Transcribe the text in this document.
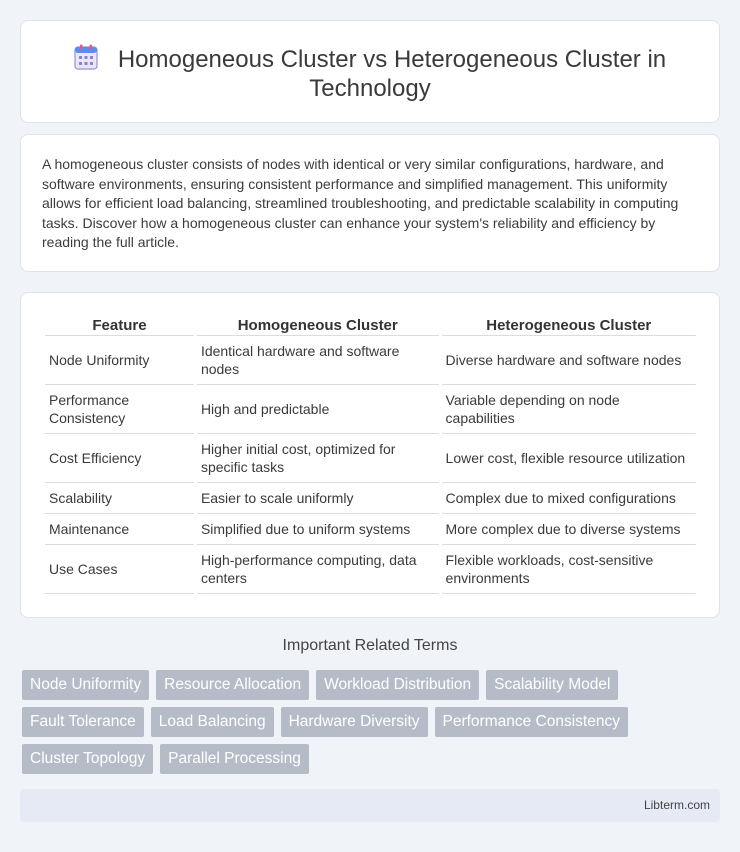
Homogeneous Cluster vs Heterogeneous Cluster in Technology

A homogeneous cluster consists of nodes with identical or very similar configurations, hardware, and software environments, ensuring consistent performance and simplified management. This uniformity allows for efficient load balancing, streamlined troubleshooting, and predictable scalability in computing tasks. Discover how a homogeneous cluster can enhance your system's reliability and efficiency by reading the full article.

Feature	Homogeneous Cluster	Heterogeneous Cluster
Node Uniformity	Identical hardware and software nodes	Diverse hardware and software nodes
Performance Consistency	High and predictable	Variable depending on node capabilities
Cost Efficiency	Higher initial cost, optimized for specific tasks	Lower cost, flexible resource utilization
Scalability	Easier to scale uniformly	Complex due to mixed configurations
Maintenance	Simplified due to uniform systems	More complex due to diverse systems
Use Cases	High-performance computing, data centers	Flexible workloads, cost-sensitive environments
Important Related Terms
Node Uniformity	Resource Allocation	Workload Distribution	Scalability Model
Fault Tolerance	Load Balancing	Hardware Diversity	Performance Consistency
Cluster Topology	Parallel Processing
Libterm.com
